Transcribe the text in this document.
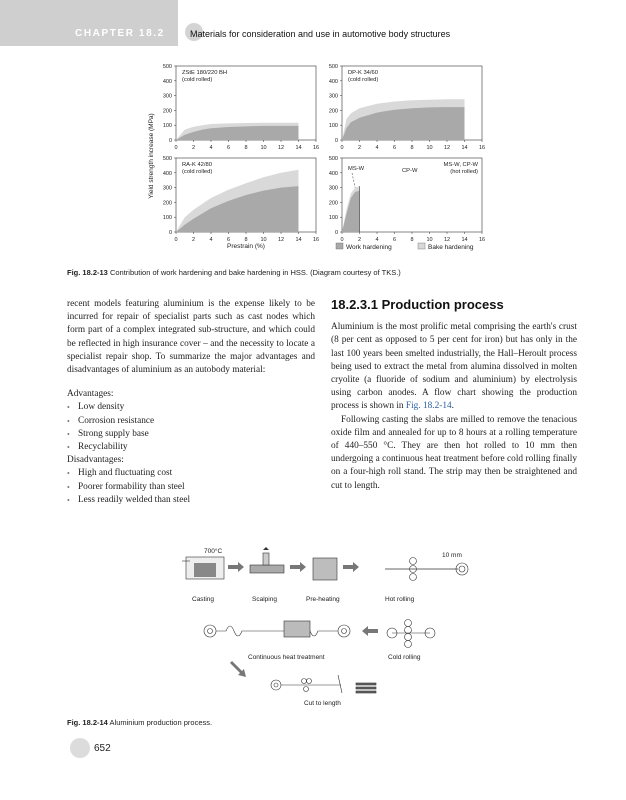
CHAPTER 18.2	Materials for consideration and use in automotive body structures
Yield strength increase (MPa)	0
100
200
300
400
500
0	2	4	6	8 10 12 14 16
ZStE 180/220 BH
(cold rolled)
0
100
200
300
400
500
0	2	4	6	8 10 12 14 16
DP-K 34/60
(cold rolled)
0
100
200
300
400
500
0	2	4	6	8 10 12 14 16
RA-K 42/80
(cold rolled)
0
100
200
300
400
500
0	2	4	6	8 10 12 14 16
MS-W	CP-W
MS-W, CP-W
(hot rolled)
Prestrain (%)	Work hardening	Bake hardening
Fig. 18.2-13 Contribution of work hardening and bake hardening in HSS. (Diagram courtesy of TKS.)

recent models featuring aluminium is the expense likely to be incurred for repair of specialist parts such as cast nodes which form part of a complex integrated sub-structure, and which could be reflected in high insurance cover – and the necessity to locate a specialist repair shop. To summarize the major advantages and disadvantages of aluminium as an autobody material:

Advantages:
• Low density
• Corrosion resistance
• Strong supply base
• Recyclability
Disadvantages:
• High and fluctuating cost
• Poorer formability than steel
• Less readily welded than steel
18.2.3.1 Production process

Aluminium is the most prolific metal comprising the earth's crust (8 per cent as opposed to 5 per cent for iron) but has only in the last 100 years been smelted industrially, the Hall–Heroult process being used to extract the metal from alumina dissolved in molten cryolite (a fluoride of sodium and aluminium) by electrolysis using carbon anodes. A flow chart showing the production process is shown in Fig. 18.2-14.

Following casting the slabs are milled to remove the tenacious oxide film and annealed for up to 8 hours at a rolling temperature of 440–550 °C. They are then hot rolled to 10 mm then undergoing a continuous heat treatment before cold rolling finally on a four-high roll stand. The strip may then be straightened and cut to length.

700°C
10 mm
Casting	Scalping	Pre-heating	Hot rolling
Continuous heat treatment	Cold rolling
Cut to length
Fig. 18.2-14 Aluminium production process.
652
